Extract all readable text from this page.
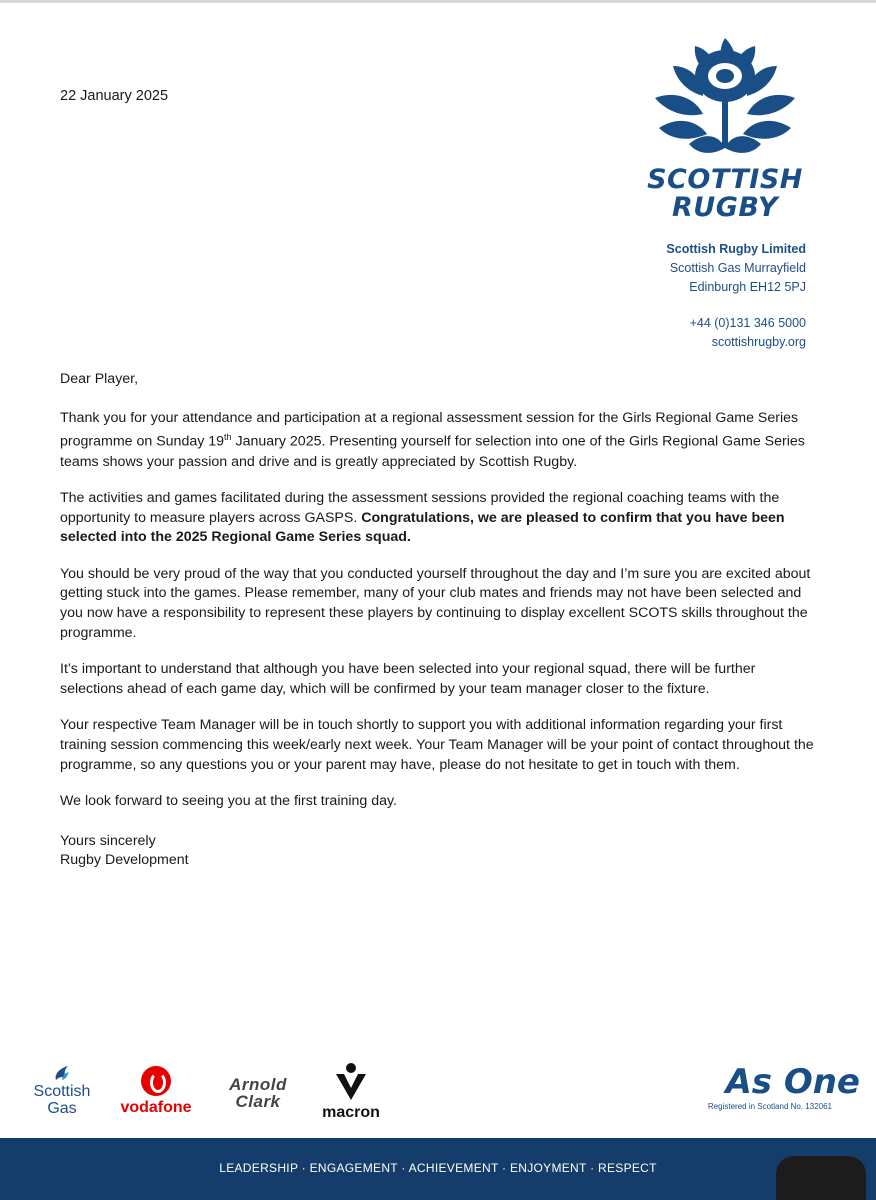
22 January 2025
SCOTTISH
RUGBY
Scottish Rugby Limited
Scottish Gas Murrayfield
Edinburgh EH12 5PJ
+44 (0)131 346 5000
scottishrugby.org

Dear Player,

Thank you for your attendance and participation at a regional assessment session for the Girls Regional Game Series programme on Sunday 19th January 2025. Presenting yourself for selection into one of the Girls Regional Game Series teams shows your passion and drive and is greatly appreciated by Scottish Rugby.

The activities and games facilitated during the assessment sessions provided the regional coaching teams with the opportunity to measure players across GASPS. Congratulations, we are pleased to confirm that you have been selected into the 2025 Regional Game Series squad.

You should be very proud of the way that you conducted yourself throughout the day and I’m sure you are excited about getting stuck into the games. Please remember, many of your club mates and friends may not have been selected and you now have a responsibility to represent these players by continuing to display excellent SCOTS skills throughout the programme.

It’s important to understand that although you have been selected into your regional squad, there will be further selections ahead of each game day, which will be confirmed by your team manager closer to the fixture.

Your respective Team Manager will be in touch shortly to support you with additional information regarding your first training session commencing this week/early next week. Your Team Manager will be your point of contact throughout the programme, so any questions you or your parent may have, please do not hesitate to get in touch with them.

We look forward to seeing you at the first training day.

Yours sincerely
Rugby Development
Scottish
Gas	vodafone
Arnold
Clark
macron
As One
Registered in Scotland No. 132061
LEADERSHIP · ENGAGEMENT · ACHIEVEMENT · ENJOYMENT · RESPECT
